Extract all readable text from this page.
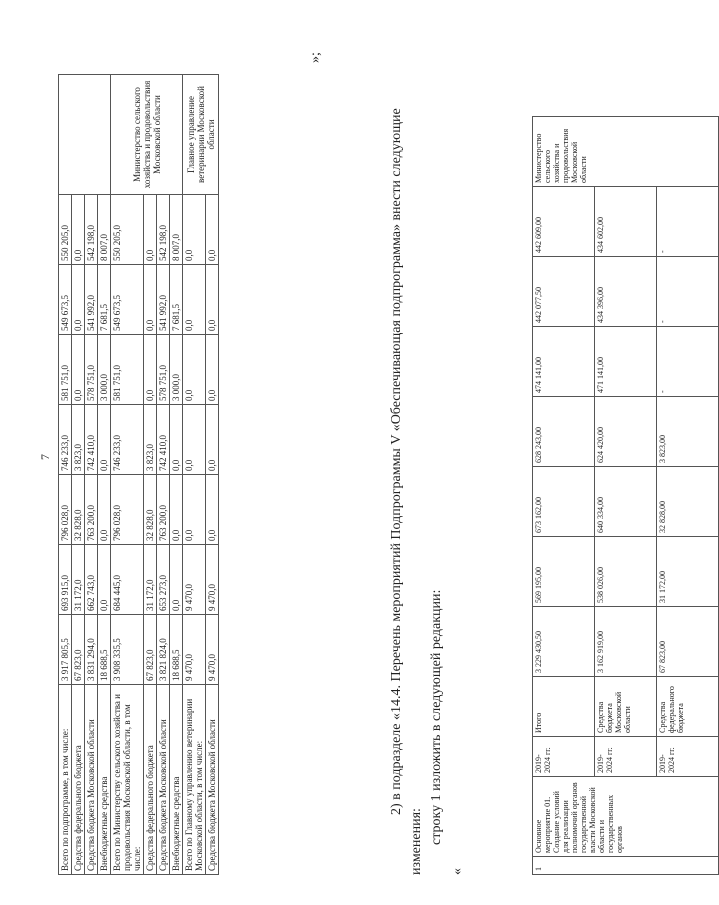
7
Всего по подпрограмме, в том числе:	3 917 805,5	693 915,0	796 028,0	746 233,0	581 751,0	549 673,5	550 205,0	
Средства федерального бюджета	67 823,0	31 172,0	32 828,0	3 823,0	0,0	0,0	0,0	
Средства бюджета Московской области	3 831 294,0	662 743,0	763 200,0	742 410,0	578 751,0	541 992,0	542 198,0	
Внебюджетные средства	18 688,5	0,0	0,0	0,0	3 000,0	7 681,5	8 007,0	
Всего по Министерству сельского хозяйства и продовольствия Московской области, в том числе:	3 908 335,5	684 445,0	796 028,0	746 233,0	581 751,0	549 673,5	550 205,0	Министерство сельского хозяйства и продовольствия Московской области
Средства федерального бюджета	67 823,0	31 172,0	32 828,0	3 823,0	0,0	0,0	0,0	
Средства бюджета Московской области	3 821 824,0	653 273,0	763 200,0	742 410,0	578 751,0	541 992,0	542 198,0	
Внебюджетные средства	18 688,5	0,0	0,0	0,0	3 000,0	7 681,5	8 007,0	
Всего по Главному управлению ветеринарии Московской области, в том числе:	9 470,0	9 470,0	0,0	0,0	0,0	0,0	0,0	Главное управление ветеринарии Московской области
Средства бюджета Московской области	9 470,0	9 470,0	0,0	0,0	0,0	0,0	0,0	
»;
2) в подразделе «14.4. Перечень мероприятий Подпрограммы V «Обеспечивающая подпрограмма» внести следующие
изменения: строку 1 изложить в следующей редакции:
«	1	Основное мероприятие 01. Создание условий для реализации полномочий органов государственной власти Московской области и государственных органов	2019-2024 гг.	Итого	3 229 430,50	569 195,00	673 162,00	628 243,00	474 141,00	442 077,50	442 609,00	Министерство сельского хозяйства и продовольствия Московской области
		2019-2024 гг.	Средства бюджета Московской области	3 162 919,00	538 026,00	640 334,00	624 420,00	471 141,00	434 396,00	434 602,00	
		2019-2024 гг.	Средства федерального бюджета	67 823,00	31 172,00	32 828,00	3 823,00	-	-	-	
